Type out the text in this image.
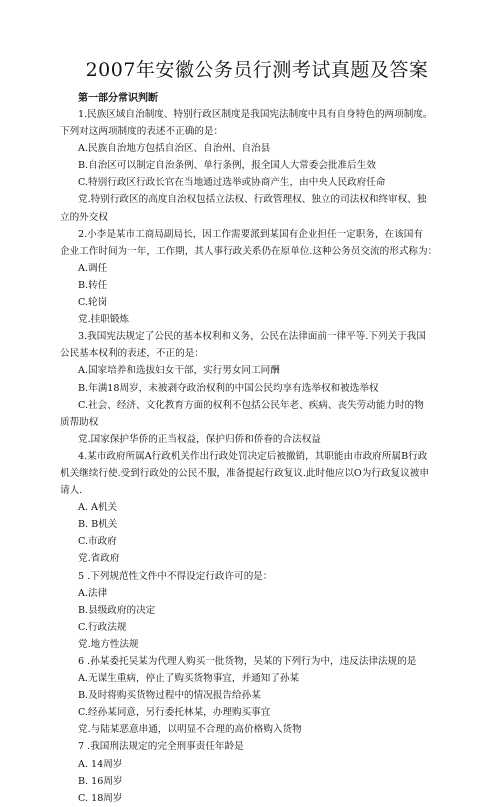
2007年安徽公务员行测考试真题及答案
第一部分常识判断
1.民族区域自治制度、特别行政区制度是我国宪法制度中具有自身特色的两项制度。
下列对这两项制度的表述不正确的是：
A.民族自治地方包括自治区、自治州、自治县
B.自治区可以制定自治条例、单行条例，报全国人大常委会批准后生效
C.特别行政区行政长官在当地通过选举或协商产生，由中央人民政府任命
党.特别行政区的高度自治权包括立法权、行政管理权、独立的司法权和终审权、独
立的外交权
2.小李是某市工商局副局长，因工作需要派到某国有企业担任一定职务，在该国有
企业工作时间为一年，工作期，其人事行政关系仍在原单位.这种公务员交流的形式称为：
A.调任
B.转任
C.轮岗
党.挂职锻炼
3.我国宪法规定了公民的基本权利和义务，公民在法律面前一律平等.下列关于我国
公民基本权利的表述，不正的是：
A.国家培养和选拔妇女干部，实行男女同工同酬
B.年满18周岁，未被剥夺政治权利的中国公民均享有选举权和被选举权
C.社会、经济、文化教育方面的权利不包括公民年老、疾病、丧失劳动能力时的物
质帮助权
党.国家保护华侨的正当权益，保护归侨和侨眷的合法权益
4.某市政府所属A行政机关作出行政处罚决定后被撤销，其职能由市政府所属B行政
机关继续行使.受到行政处的公民不服，准备提起行政复议.此时他应以O为行政复议被申
请人.
A. A机关
B. B机关
C.市政府
党.省政府
5 .下列规范性文件中不得设定行政许可的是：
A.法律
B.县级政府的决定
C.行政法规
党.地方性法规
6 .孙某委托吴某为代理人购买一批货物，吴某的下列行为中，违反法律法规的是
A.无谋生重病，停止了购买货物事宜，并通知了孙某
B.及时将购买货物过程中的情况报告给孙某
C.经孙某同意，另行委托林某，办理购买事宜
党.与陆某恶意串通，以明显不合理的高价格购入货物
7 .我国刑法规定的完全刑事责任年龄是
A. 14周岁
B. 16周岁
C. 18周岁
